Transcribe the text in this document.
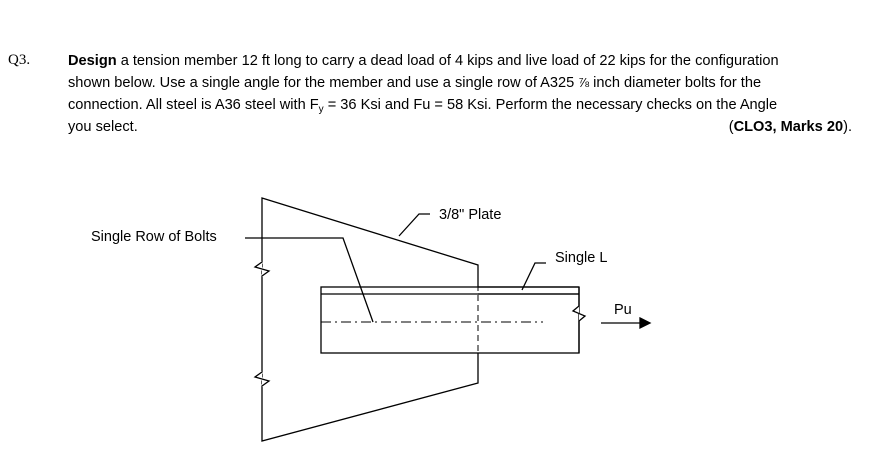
Q3.	Design a tension member 12 ft long to carry a dead load of 4 kips and live load of 22 kips for the configuration
shown below. Use a single angle for the member and use a single row of A325 ⅞ inch diameter bolts for the
connection. All steel is A36 steel with $F_y = 36$ Ksi and Fu = 58 Ksi. Perform the necessary checks on the Angle
you select.	(CLO3, Marks 20).
3/8" Plate
Single Row of Bolts
Single L
Pu
